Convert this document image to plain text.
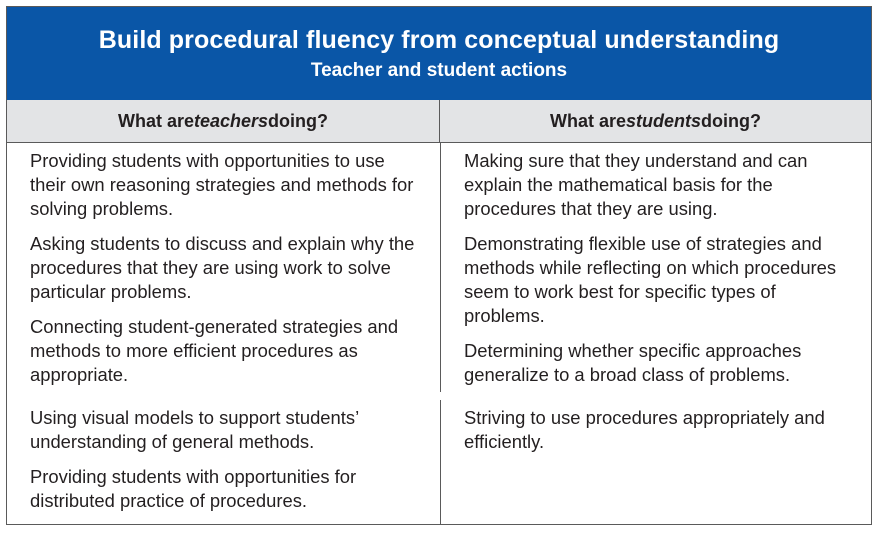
Build procedural fluency from conceptual understanding
Teacher and student actions
What are teachers doing?	What are students doing?
Providing students with opportunities to use their own reasoning strategies and methods for solving problems.
Asking students to discuss and explain why the procedures that they are using work to solve particular problems.
Connecting student-generated strategies and methods to more efficient procedures as appropriate.
Making sure that they understand and can explain the mathematical basis for the procedures that they are using.
Demonstrating flexible use of strategies and methods while reflecting on which procedures seem to work best for specific types of problems.
Determining whether specific approaches generalize to a broad class of problems.
Using visual models to support students’ understanding of general methods.
Providing students with opportunities for distributed practice of procedures.
Striving to use procedures appropriately and efficiently.
